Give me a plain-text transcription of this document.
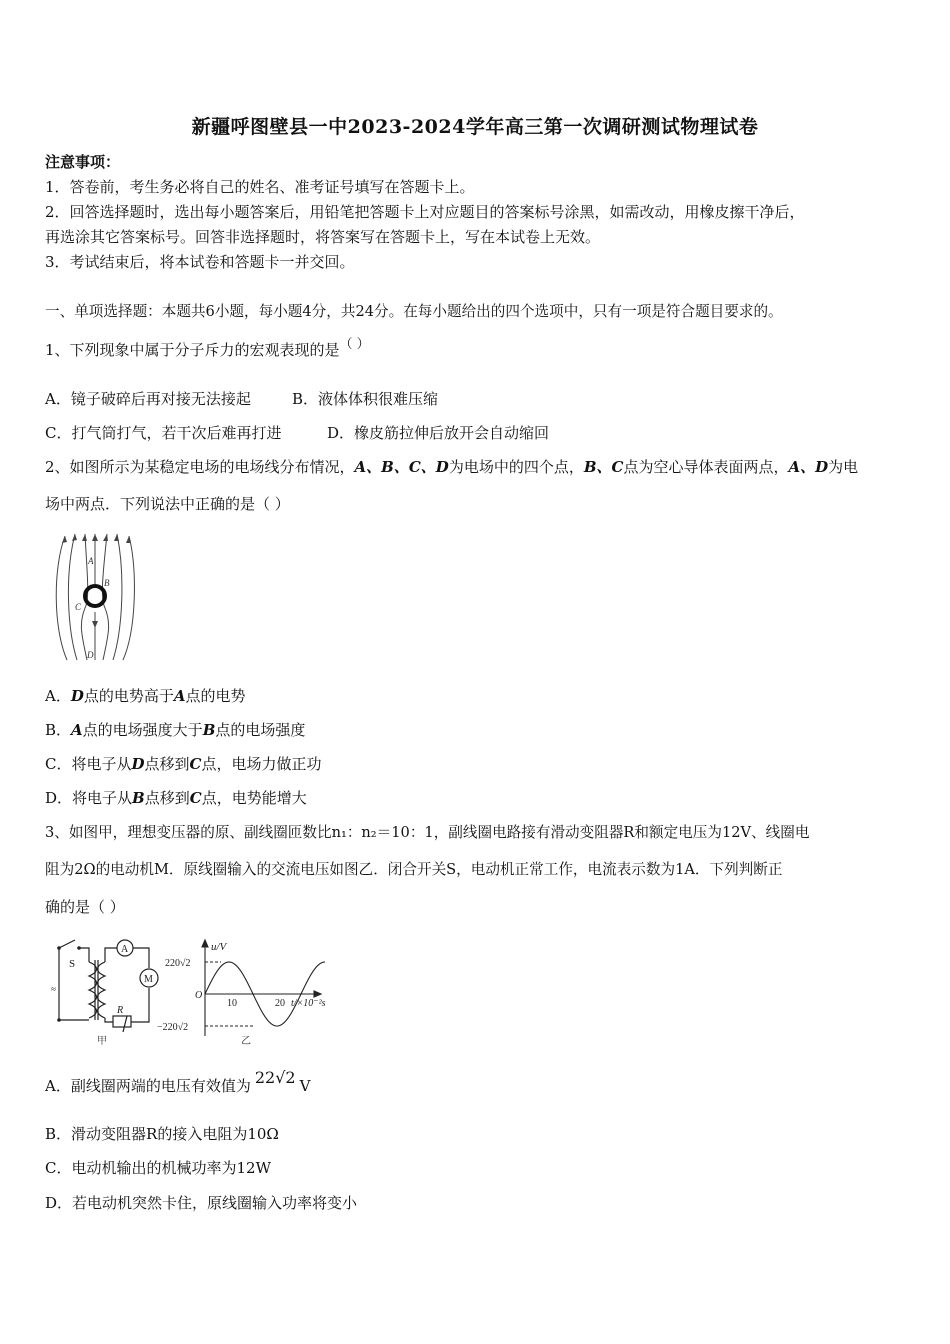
新疆呼图壁县一中2023-2024学年高三第一次调研测试物理试卷
注意事项：
1．答卷前，考生务必将自己的姓名、准考证号填写在答题卡上。
2．回答选择题时，选出每小题答案后，用铅笔把答题卡上对应题目的答案标号涂黑，如需改动，用橡皮擦干净后，
再选涂其它答案标号。回答非选择题时，将答案写在答题卡上，写在本试卷上无效。
3．考试结束后，将本试卷和答题卡一并交回。
一、单项选择题：本题共6小题，每小题4分，共24分。在每小题给出的四个选项中，只有一项是符合题目要求的。
1、下列现象中属于分子斥力的宏观表现的是（ ）
A．镜子破碎后再对接无法接起	B．液体体积很难压缩
C．打气筒打气，若干次后难再打进	D．橡皮筋拉伸后放开会自动缩回
2、如图所示为某稳定电场的电场线分布情况，A、B、C、D为电场中的四个点，B、C点为空心导体表面两点，A、D为电
场中两点．下列说法中正确的是（ ）
A
B
C
D
A．D点的电势高于A点的电势
B．A点的电场强度大于B点的电场强度
C．将电子从D点移到C点，电场力做正功
D．将电子从B点移到C点，电势能增大
3、如图甲，理想变压器的原、副线圈匝数比n₁：n₂＝10：1，副线圈电路接有滑动变阻器R和额定电压为12V、线圈电
阻为2Ω的电动机M．原线圈输入的交流电压如图乙．闭合开关S，电动机正常工作，电流表示数为1A．下列判断正
确的是（ ）
S
A
M
R
≈
甲
u/V
220√2
−220√2
O
10	20 t/×10⁻²s
乙
A．副线圈两端的电压有效值为 22√2 V
B．滑动变阻器R的接入电阻为10Ω
C．电动机输出的机械功率为12W
D．若电动机突然卡住，原线圈输入功率将变小
